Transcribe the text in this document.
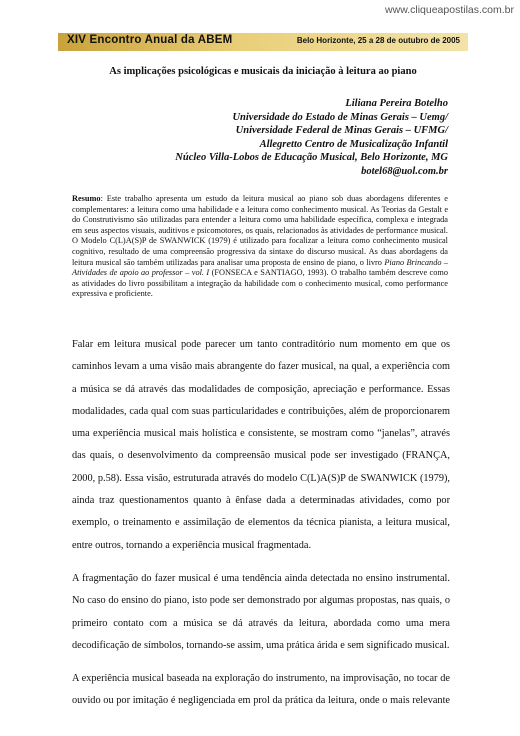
www.cliqueapostilas.com.br
XIV Encontro Anual da ABEM	Belo Horizonte, 25 a 28 de outubro de 2005
As implicações psicológicas e musicais da iniciação à leitura ao piano
Liliana Pereira Botelho
Universidade do Estado de Minas Gerais – Uemg/
Universidade Federal de Minas Gerais – UFMG/
Allegretto Centro de Musicalização Infantil
Núcleo Villa-Lobos de Educação Musical, Belo Horizonte, MG
botel68@uol.com.br
Resumo: Este trabalho apresenta um estudo da leitura musical ao piano sob duas abordagens diferentes e complementares: a leitura como uma habilidade e a leitura como conhecimento musical. As Teorias da Gestalt e do Construtivismo são utilizadas para entender a leitura como uma habilidade específica, complexa e integrada em seus aspectos visuais, auditivos e psicomotores, os quais, relacionados às atividades de performance musical. O Modelo C(L)A(S)P de SWANWICK (1979) é utilizado para focalizar a leitura como conhecimento musical cognitivo, resultado de uma compreensão progressiva da sintaxe do discurso musical. As duas abordagens da leitura musical são também utilizadas para analisar uma proposta de ensino de piano, o livro Piano Brincando – Atividades de apoio ao professor – vol. I (FONSECA e SANTIAGO, 1993). O trabalho também descreve como as atividades do livro possibilitam a integração da habilidade com o conhecimento musical, como performance expressiva e proficiente.

Falar em leitura musical pode parecer um tanto contraditório num momento em que os caminhos levam a uma visão mais abrangente do fazer musical, na qual, a experiência com a música se dá através das modalidades de composição, apreciação e performance. Essas modalidades, cada qual com suas particularidades e contribuições, além de proporcionarem uma experiência musical mais holística e consistente, se mostram como “janelas”, através das quais, o desenvolvimento da compreensão musical pode ser investigado (FRANÇA, 2000, p.58). Essa visão, estruturada através do modelo C(L)A(S)P de SWANWICK (1979), ainda traz questionamentos quanto à ênfase dada a determinadas atividades, como por exemplo, o treinamento e assimilação de elementos da técnica pianista, a leitura musical, entre outros, tornando a experiência musical fragmentada.

A fragmentação do fazer musical é uma tendência ainda detectada no ensino instrumental. No caso do ensino do piano, isto pode ser demonstrado por algumas propostas, nas quais, o primeiro contato com a música se dá através da leitura, abordada como uma mera decodificação de símbolos, tornando-se assim, uma prática árida e sem significado musical.

A experiência musical baseada na exploração do instrumento, na improvisação, no tocar de ouvido ou por imitação é negligenciada em prol da prática da leitura, onde o mais relevante
